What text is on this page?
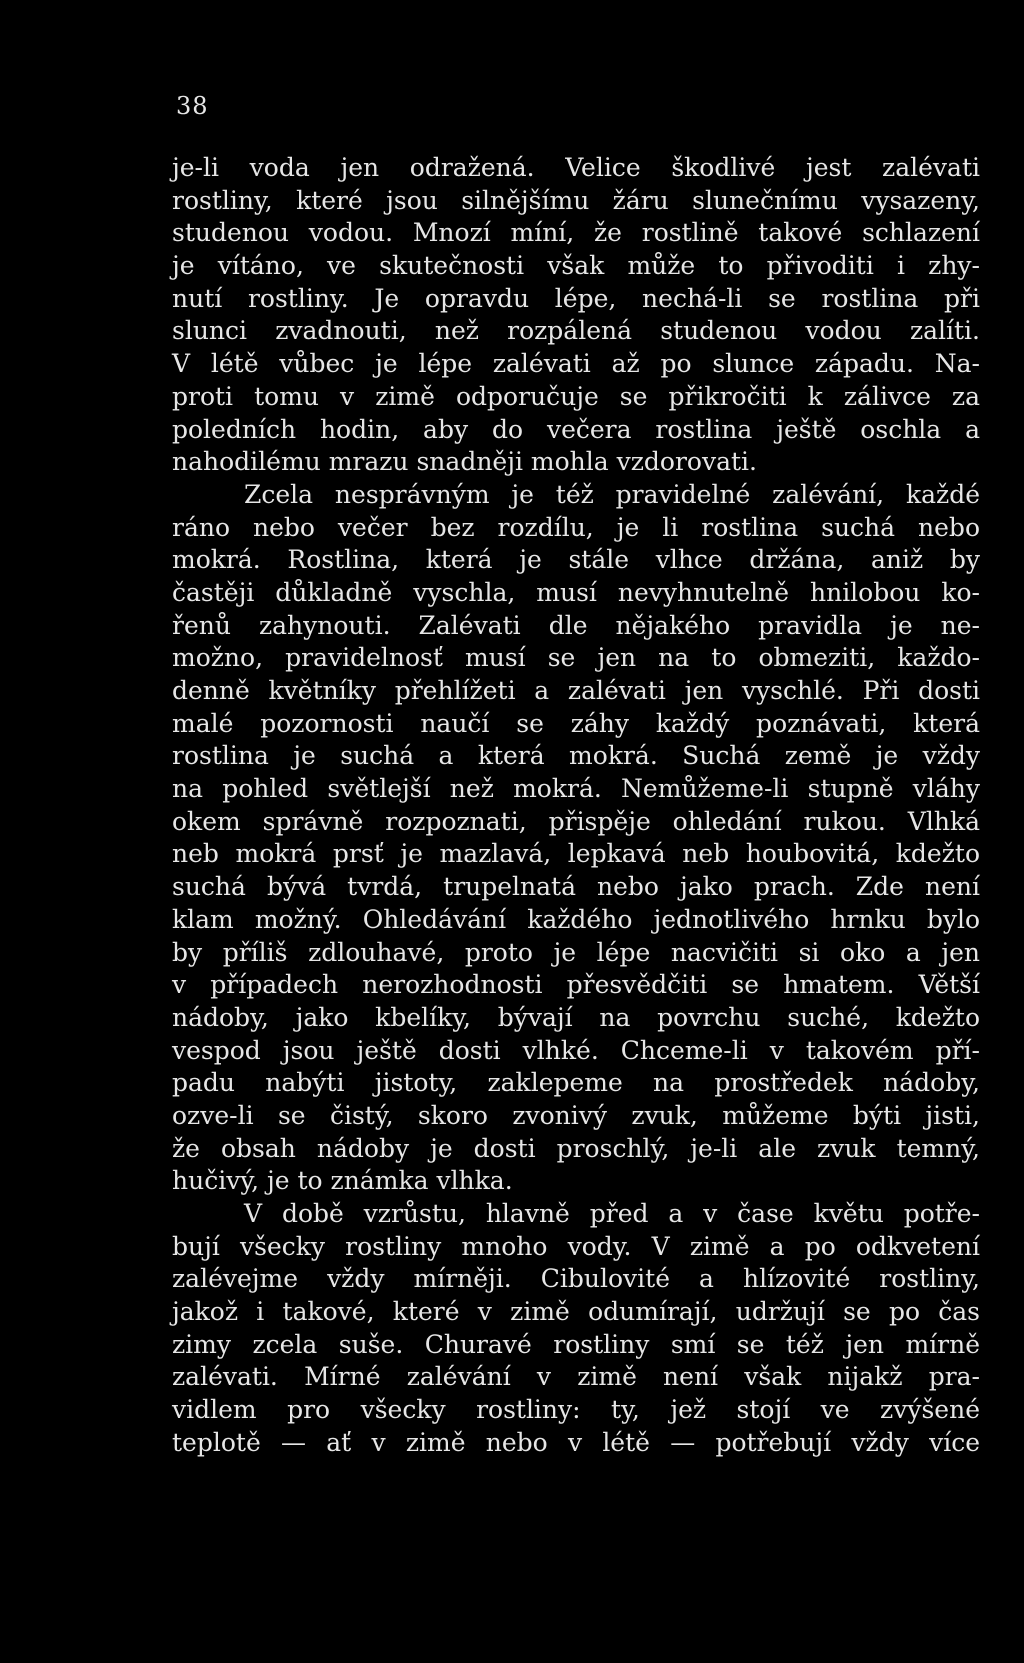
38
je-li voda jen odražená. Velice škodlivé jest zalévati
rostliny, které jsou silnějšímu žáru slunečnímu vysazeny,
studenou vodou. Mnozí míní, že rostlině takové schlazení
je vítáno, ve skutečnosti však může to přivoditi i zhy-
nutí rostliny. Je opravdu lépe, nechá-li se rostlina při
slunci zvadnouti, než rozpálená studenou vodou zalíti.
V létě vůbec je lépe zalévati až po slunce západu. Na-
proti tomu v zimě odporučuje se přikročiti k zálivce za
poledních hodin, aby do večera rostlina ještě oschla a
nahodilému mrazu snadněji mohla vzdorovati.
Zcela nesprávným je též pravidelné zalévání, každé
ráno nebo večer bez rozdílu, je li rostlina suchá nebo
mokrá. Rostlina, která je stále vlhce držána, aniž by
častěji důkladně vyschla, musí nevyhnutelně hnilobou ko-
řenů zahynouti. Zalévati dle nějakého pravidla je ne-
možno, pravidelnosť musí se jen na to obmeziti, každo-
denně květníky přehlížeti a zalévati jen vyschlé. Při dosti
malé pozornosti naučí se záhy každý poznávati, která
rostlina je suchá a která mokrá. Suchá země je vždy
na pohled světlejší než mokrá. Nemůžeme-li stupně vláhy
okem správně rozpoznati, přispěje ohledání rukou. Vlhká
neb mokrá prsť je mazlavá, lepkavá neb houbovitá, kdežto
suchá bývá tvrdá, trupelnatá nebo jako prach. Zde není
klam možný. Ohledávání každého jednotlivého hrnku bylo
by příliš zdlouhavé, proto je lépe nacvičiti si oko a jen
v případech nerozhodnosti přesvědčiti se hmatem. Větší
nádoby, jako kbelíky, bývají na povrchu suché, kdežto
vespod jsou ještě dosti vlhké. Chceme-li v takovém pří-
padu nabýti jistoty, zaklepeme na prostředek nádoby,
ozve-li se čistý, skoro zvonivý zvuk, můžeme býti jisti,
že obsah nádoby je dosti proschlý, je-li ale zvuk temný,
hučivý, je to známka vlhka.
V době vzrůstu, hlavně před a v čase květu potře-
bují všecky rostliny mnoho vody. V zimě a po odkvetení
zalévejme vždy mírněji. Cibulovité a hlízovité rostliny,
jakož i takové, které v zimě odumírají, udržují se po čas
zimy zcela suše. Churavé rostliny smí se též jen mírně
zalévati. Mírné zalévání v zimě není však nijakž pra-
vidlem pro všecky rostliny: ty, jež stojí ve zvýšené
teplotě — ať v zimě nebo v létě — potřebují vždy více
